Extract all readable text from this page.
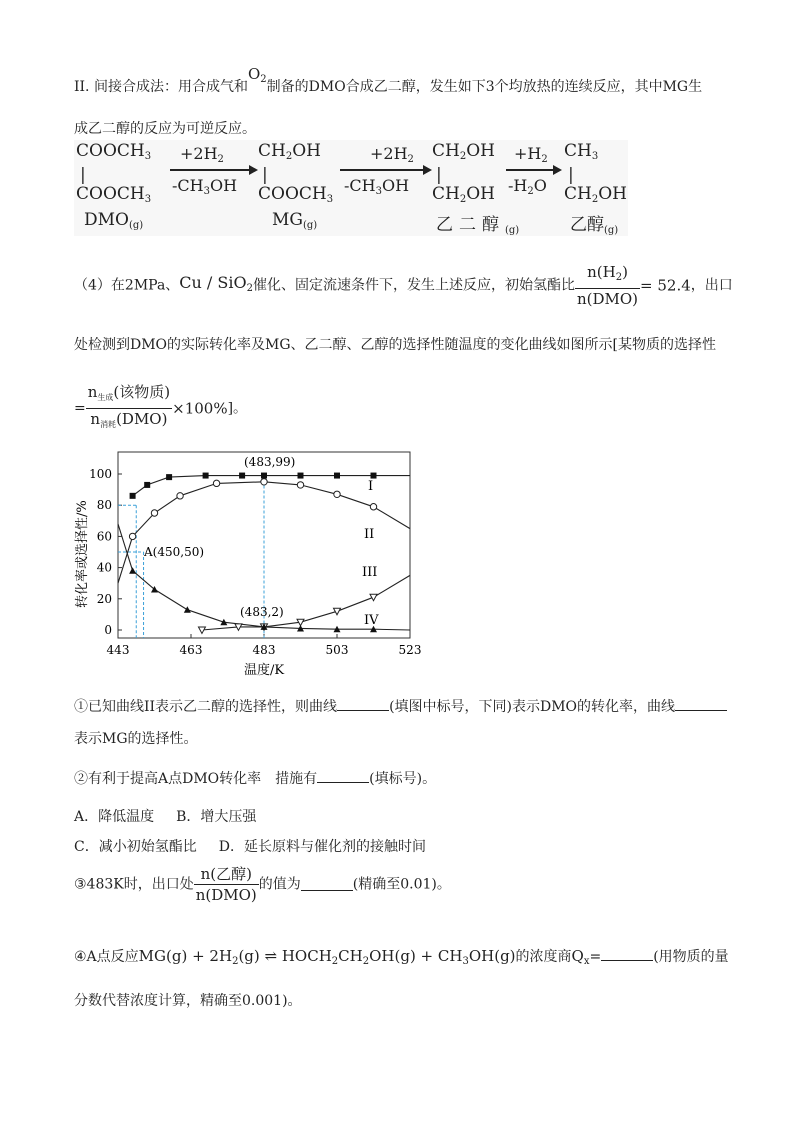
II. 间接合成法：用合成气和$O_2$制备的DMO合成乙二醇，发生如下3个均放热的连续反应，其中MG生
成乙二醇的反应为可逆反应。
$COOCH_3$
|
$COOCH_3$
$+2H_2$
$-CH_3OH$
$CH_2OH$
|
$COOCH_3$
$+2H_2$
$-CH_3OH$
$CH_2OH$
|
$CH_2OH$
$+H_2$
$-H_2O$
$CH_3$
|
$CH_2OH$
$DMO_{(g)}$	$MG_{(g)}$	乙二醇$_{(g)}$	乙醇$_{(g)}$
（4）在2MPa、Cu / SiO$_2$催化、固定流速条件下，发生上述反应，初始氢酯比 $\frac{n(H_2)}{\text{n(DMO)}} = 52.4$，出口
处检测到DMO的实际转化率及MG、乙二醇、乙醇的选择性随温度的变化曲线如图所示[某物质的选择性
= $\frac{n_{生成}(该物质)}{n_{消耗}(DMO)} \times 100\%$]。
443	463	483	503	523
0
20
40
60
80
100
I
II
III
IV
A(450,50)
(483,99)
(483,2)
温度/K
转化率或选择性/%
①已知曲线II表示乙二醇的选择性，则曲线	(填图中标号，下同)表示DMO的转化率，曲线
表示MG的选择性。
②有利于提高A点DMO转化率 措施有	(填标号)。
A．降低温度 B．增大压强
C．减小初始氢酯比 D．延长原料与催化剂的接触时间
③483K时，出口处 $\frac{\text{n(乙醇)}}{\text{n(DMO)}}$ 的值为	(精确至0.01)。
④A点反应$MG(g) + 2H_2(g)$ ⇌ $HOCH_2CH_2OH(g) + CH_3OH(g)$的浓度商$Q_x=$	(用物质的量
分数代替浓度计算，精确至0.001)。
